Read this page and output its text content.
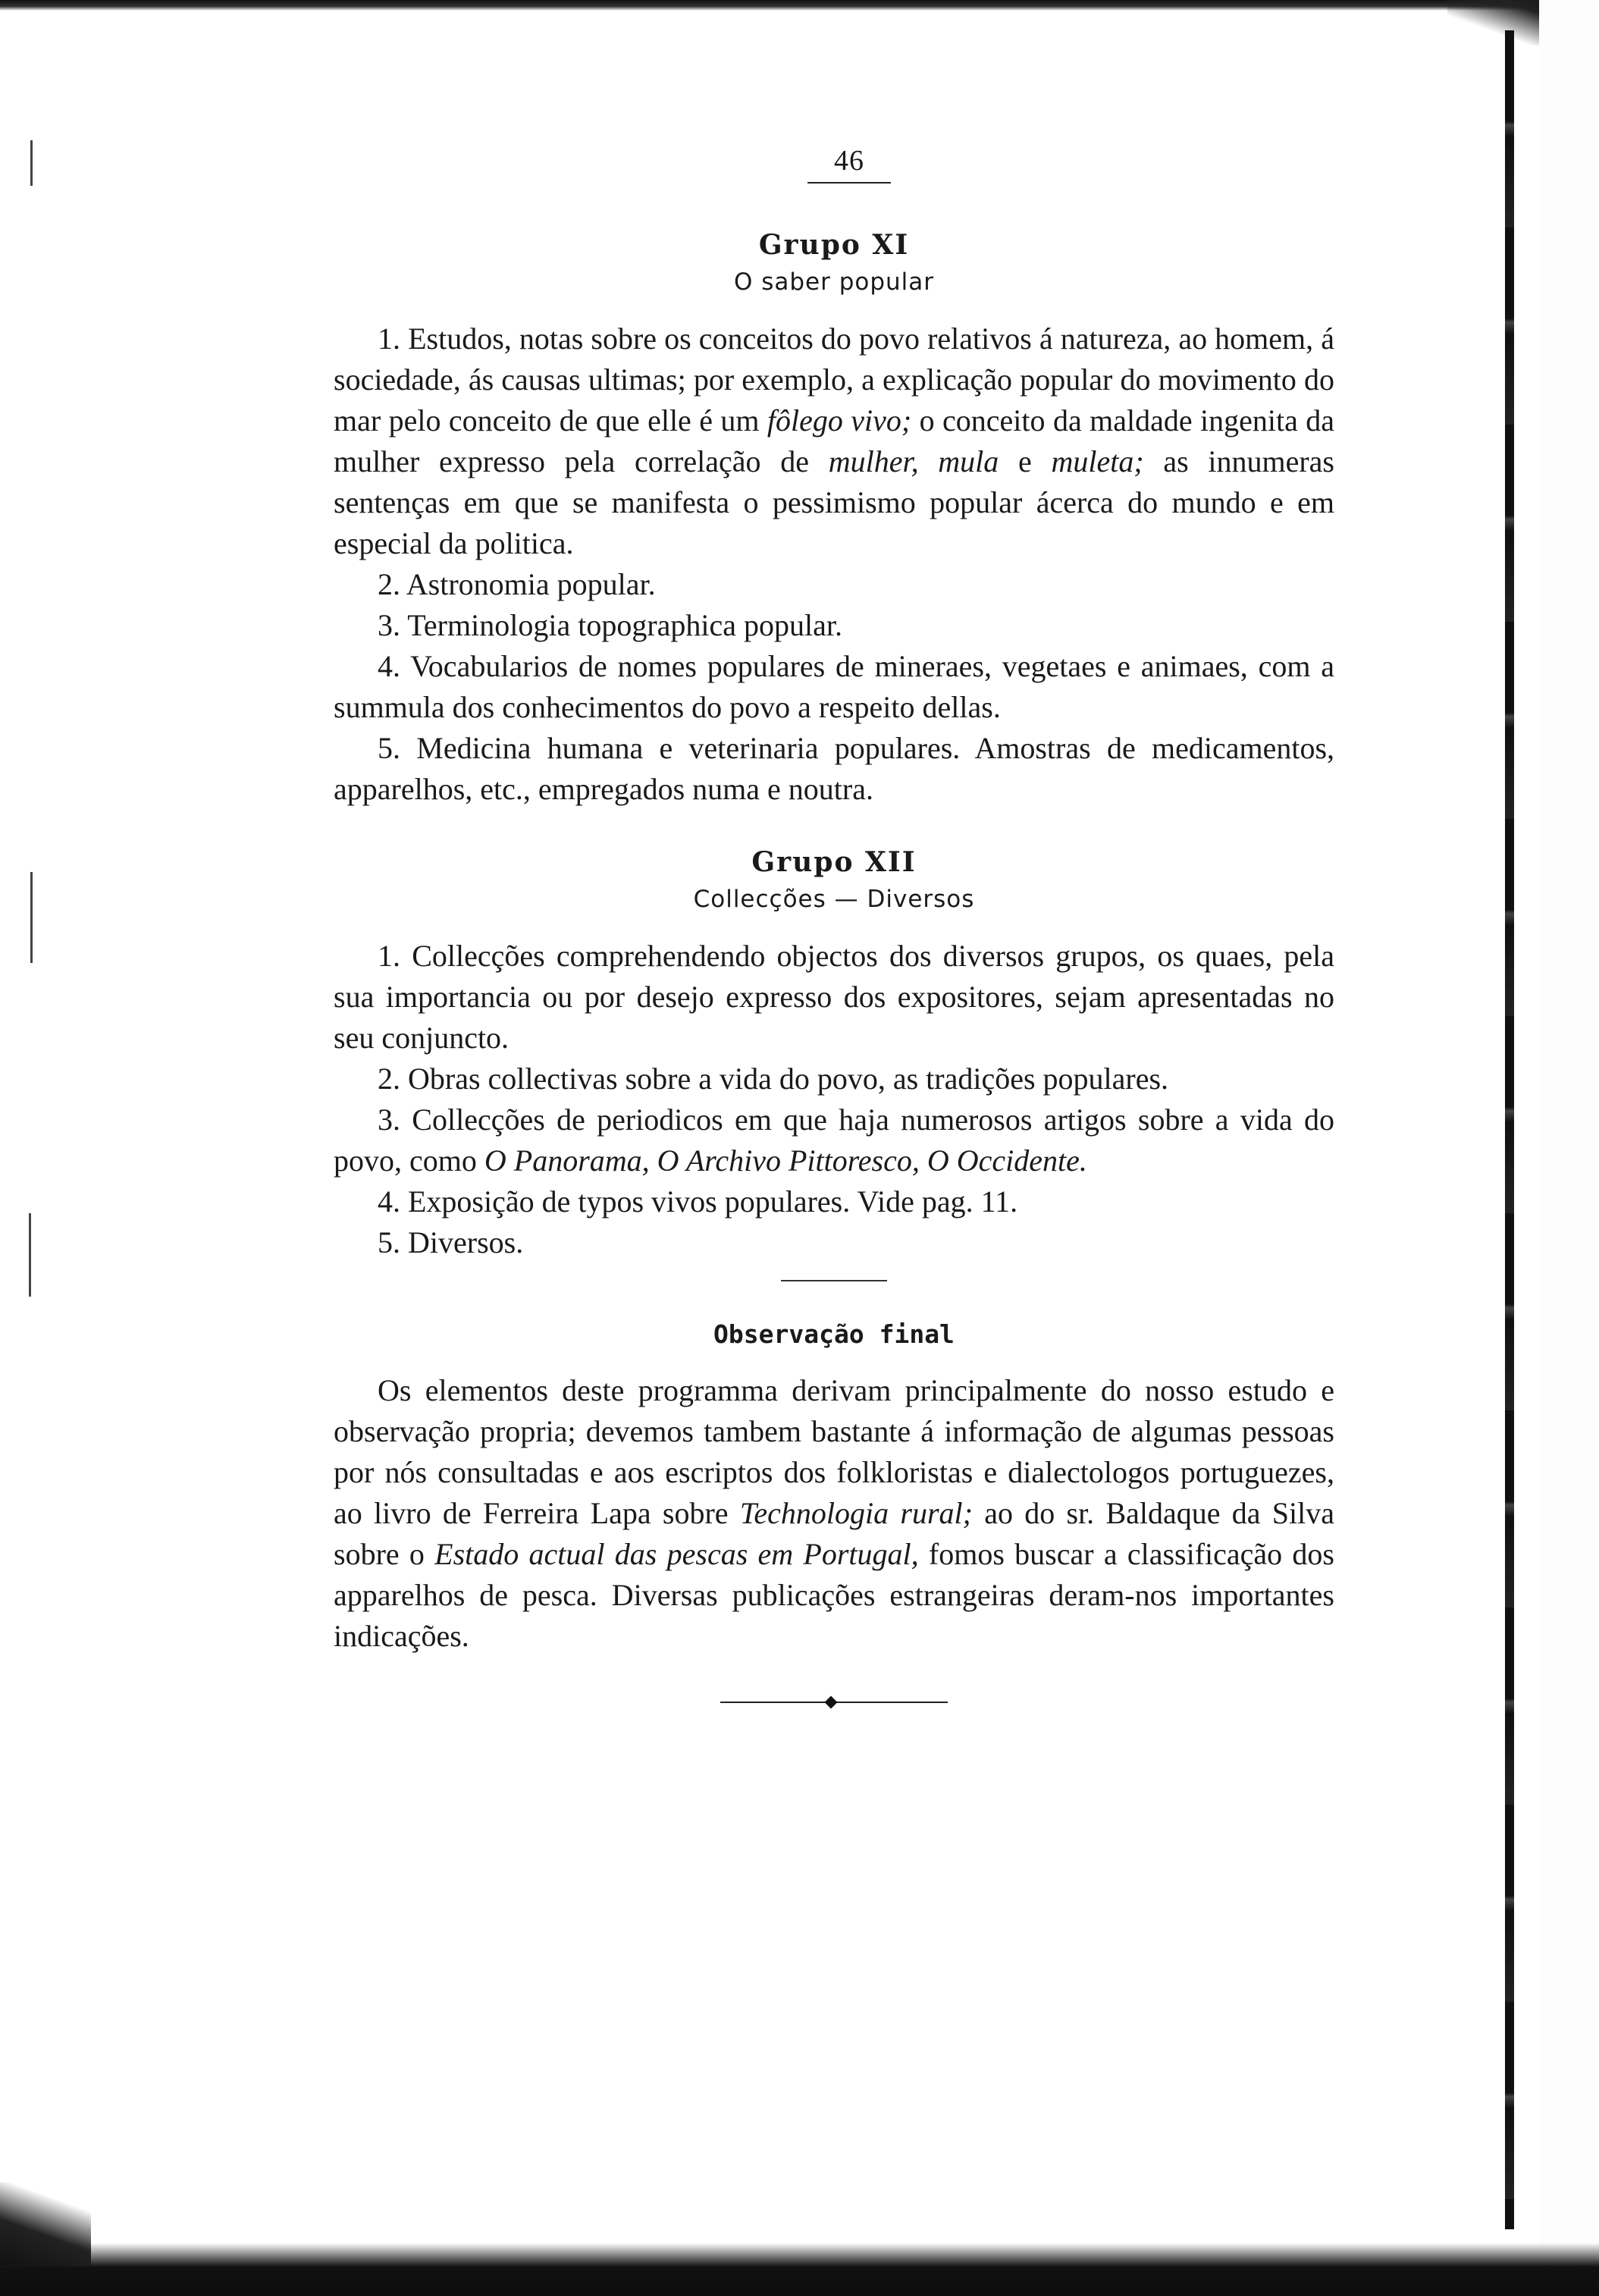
46
Grupo XI
O saber popular

1. Estudos, notas sobre os conceitos do povo relativos á natureza, ao homem, á sociedade, ás causas ultimas; por exemplo, a explicação popular do movimento do mar pelo conceito de que elle é um fôlego vivo; o conceito da maldade ingenita da mulher expresso pela correlação de mulher, mula e muleta; as innumeras sentenças em que se manifesta o pessimismo popular ácerca do mundo e em especial da politica.

2. Astronomia popular.

3. Terminologia topographica popular.

4. Vocabularios de nomes populares de mineraes, vegetaes e animaes, com a summula dos conhecimentos do povo a respeito dellas.

5. Medicina humana e veterinaria populares. Amostras de medicamentos, apparelhos, etc., empregados numa e noutra.

Grupo XII
Collecções — Diversos

1. Collecções comprehendendo objectos dos diversos grupos, os quaes, pela sua importancia ou por desejo expresso dos expositores, sejam apresentadas no seu conjuncto.

2. Obras collectivas sobre a vida do povo, as tradições populares.

3. Collecções de periodicos em que haja numerosos artigos sobre a vida do povo, como O Panorama, O Archivo Pittoresco, O Occidente.

4. Exposição de typos vivos populares. Vide pag. 11.

5. Diversos.

Observação final

Os elementos deste programma derivam principalmente do nosso estudo e observação propria; devemos tambem bastante á informação de algumas pessoas por nós consultadas e aos escriptos dos folkloristas e dialectologos portuguezes, ao livro de Ferreira Lapa sobre Technologia rural; ao do sr. Baldaque da Silva sobre o Estado actual das pescas em Portugal, fomos buscar a classificação dos apparelhos de pesca. Diversas publicações estrangeiras deram-nos importantes indicações.
